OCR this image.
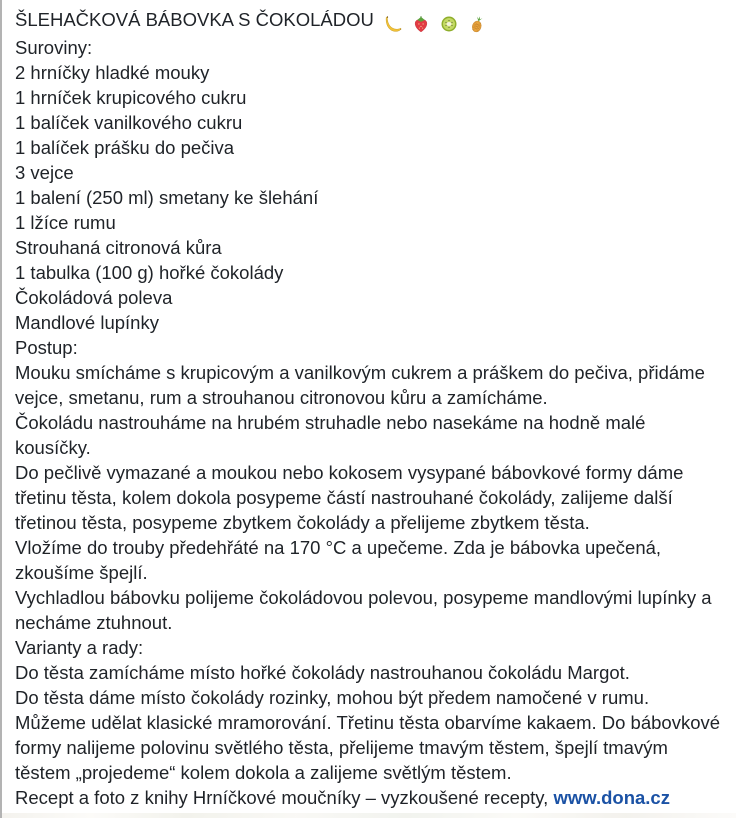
ŠLEHAČKOVÁ BÁBOVKA S ČOKOLÁDOU
Suroviny:
2 hrníčky hladké mouky
1 hrníček krupicového cukru
1 balíček vanilkového cukru
1 balíček prášku do pečiva
3 vejce
1 balení (250 ml) smetany ke šlehání
1 lžíce rumu
Strouhaná citronová kůra
1 tabulka (100 g) hořké čokolády
Čokoládová poleva
Mandlové lupínky
Postup:
Mouku smícháme s krupicovým a vanilkovým cukrem a práškem do pečiva, přidáme vejce, smetanu, rum a strouhanou citronovou kůru a zamícháme.
Čokoládu nastrouháme na hrubém struhadle nebo nasekáme na hodně malé kousíčky.
Do pečlivě vymazané a moukou nebo kokosem vysypané bábovkové formy dáme třetinu těsta, kolem dokola posypeme částí nastrouhané čokolády, zalijeme další třetinou těsta, posypeme zbytkem čokolády a přelijeme zbytkem těsta.
Vložíme do trouby předehřáté na 170 °C a upečeme. Zda je bábovka upečená, zkoušíme špejlí.
Vychladlou bábovku polijeme čokoládovou polevou, posypeme mandlovými lupínky a necháme ztuhnout.
Varianty a rady:
Do těsta zamícháme místo hořké čokolády nastrouhanou čokoládu Margot.
Do těsta dáme místo čokolády rozinky, mohou být předem namočené v rumu.
Můžeme udělat klasické mramorování. Třetinu těsta obarvíme kakaem. Do bábovkové formy nalijeme polovinu světlého těsta, přelijeme tmavým těstem, špejlí tmavým těstem „projedeme“ kolem dokola a zalijeme světlým těstem.
Recept a foto z knihy Hrníčkové moučníky – vyzkoušené recepty, www.dona.cz
